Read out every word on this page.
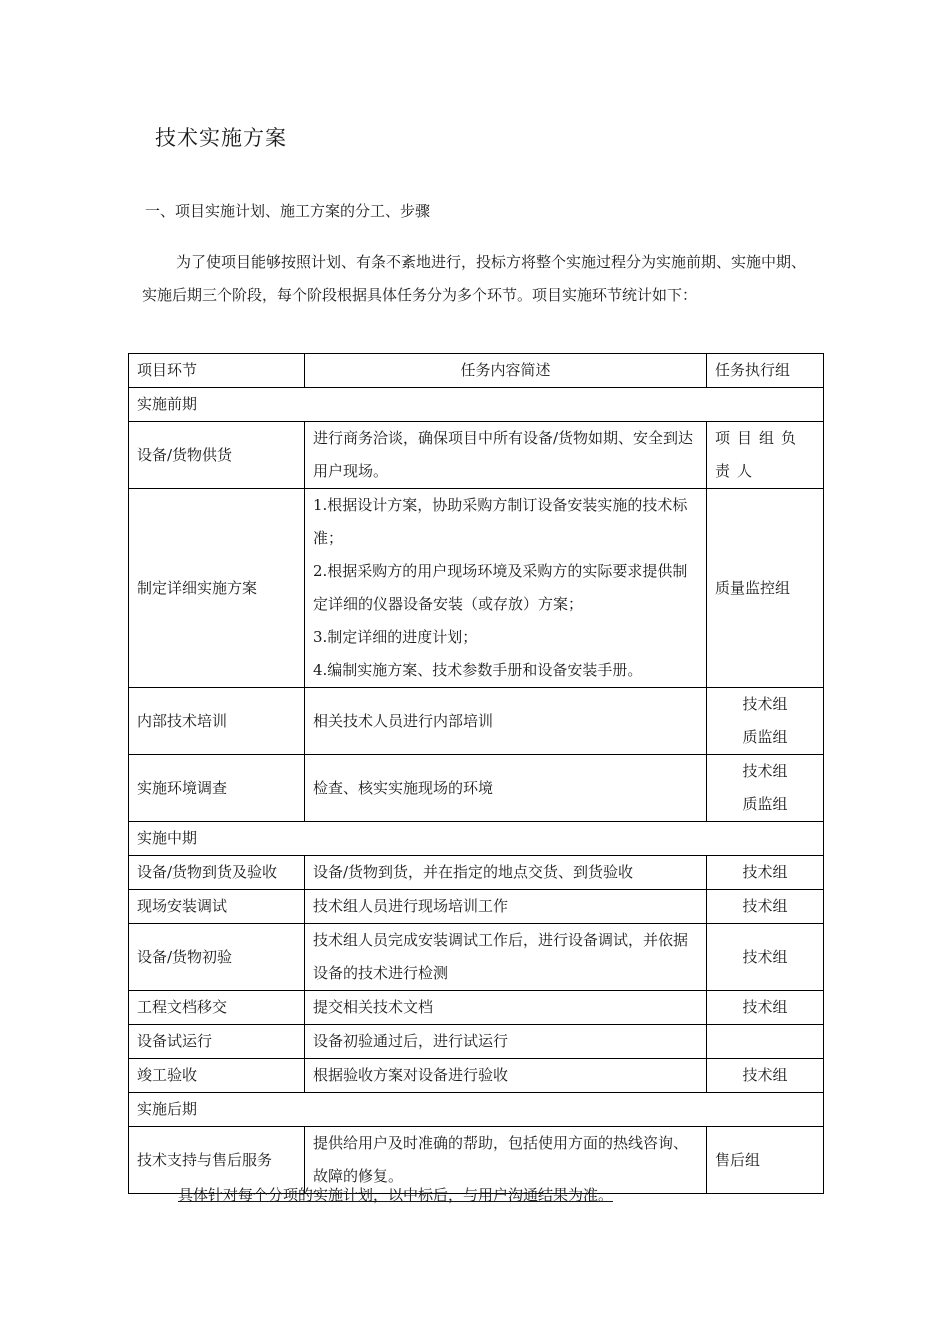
技术实施方案
一、项目实施计划、施工方案的分工、步骤
为了使项目能够按照计划、有条不紊地进行，投标方将整个实施过程分为实施前期、实施中期、实施后期三个阶段，每个阶段根据具体任务分为多个环节。项目实施环节统计如下：
项目环节	任务内容简述	任务执行组
实施前期		
设备/货物供货	进行商务洽谈，确保项目中所有设备/货物如期、安全到达用户现场。	项目组负责人
制定详细实施方案	1.根据设计方案，协助采购方制订设备安装实施的技术标准；
2.根据采购方的用户现场环境及采购方的实际要求提供制定详细的仪器设备安装（或存放）方案；
3.制定详细的进度计划；
4.编制实施方案、技术参数手册和设备安装手册。	质量监控组
内部技术培训	相关技术人员进行内部培训	技术组
质监组

实施环境调查	检查、核实实施现场的环境	技术组
质监组

实施中期		
设备/货物到货及验收	设备/货物到货，并在指定的地点交货、到货验收	技术组
现场安装调试	技术组人员进行现场培训工作	技术组
设备/货物初验	技术组人员完成安装调试工作后，进行设备调试，并依据设备的技术进行检测	技术组
工程文档移交	提交相关技术文档	技术组
设备试运行	设备初验通过后，进行试运行	

竣工验收	根据验收方案对设备进行验收	技术组
实施后期		
技术支持与售后服务	提供给用户及时准确的帮助，包括使用方面的热线咨询、故障的修复。	售后组
具体针对每个分项的实施计划，以中标后，与用户沟通结果为准。
